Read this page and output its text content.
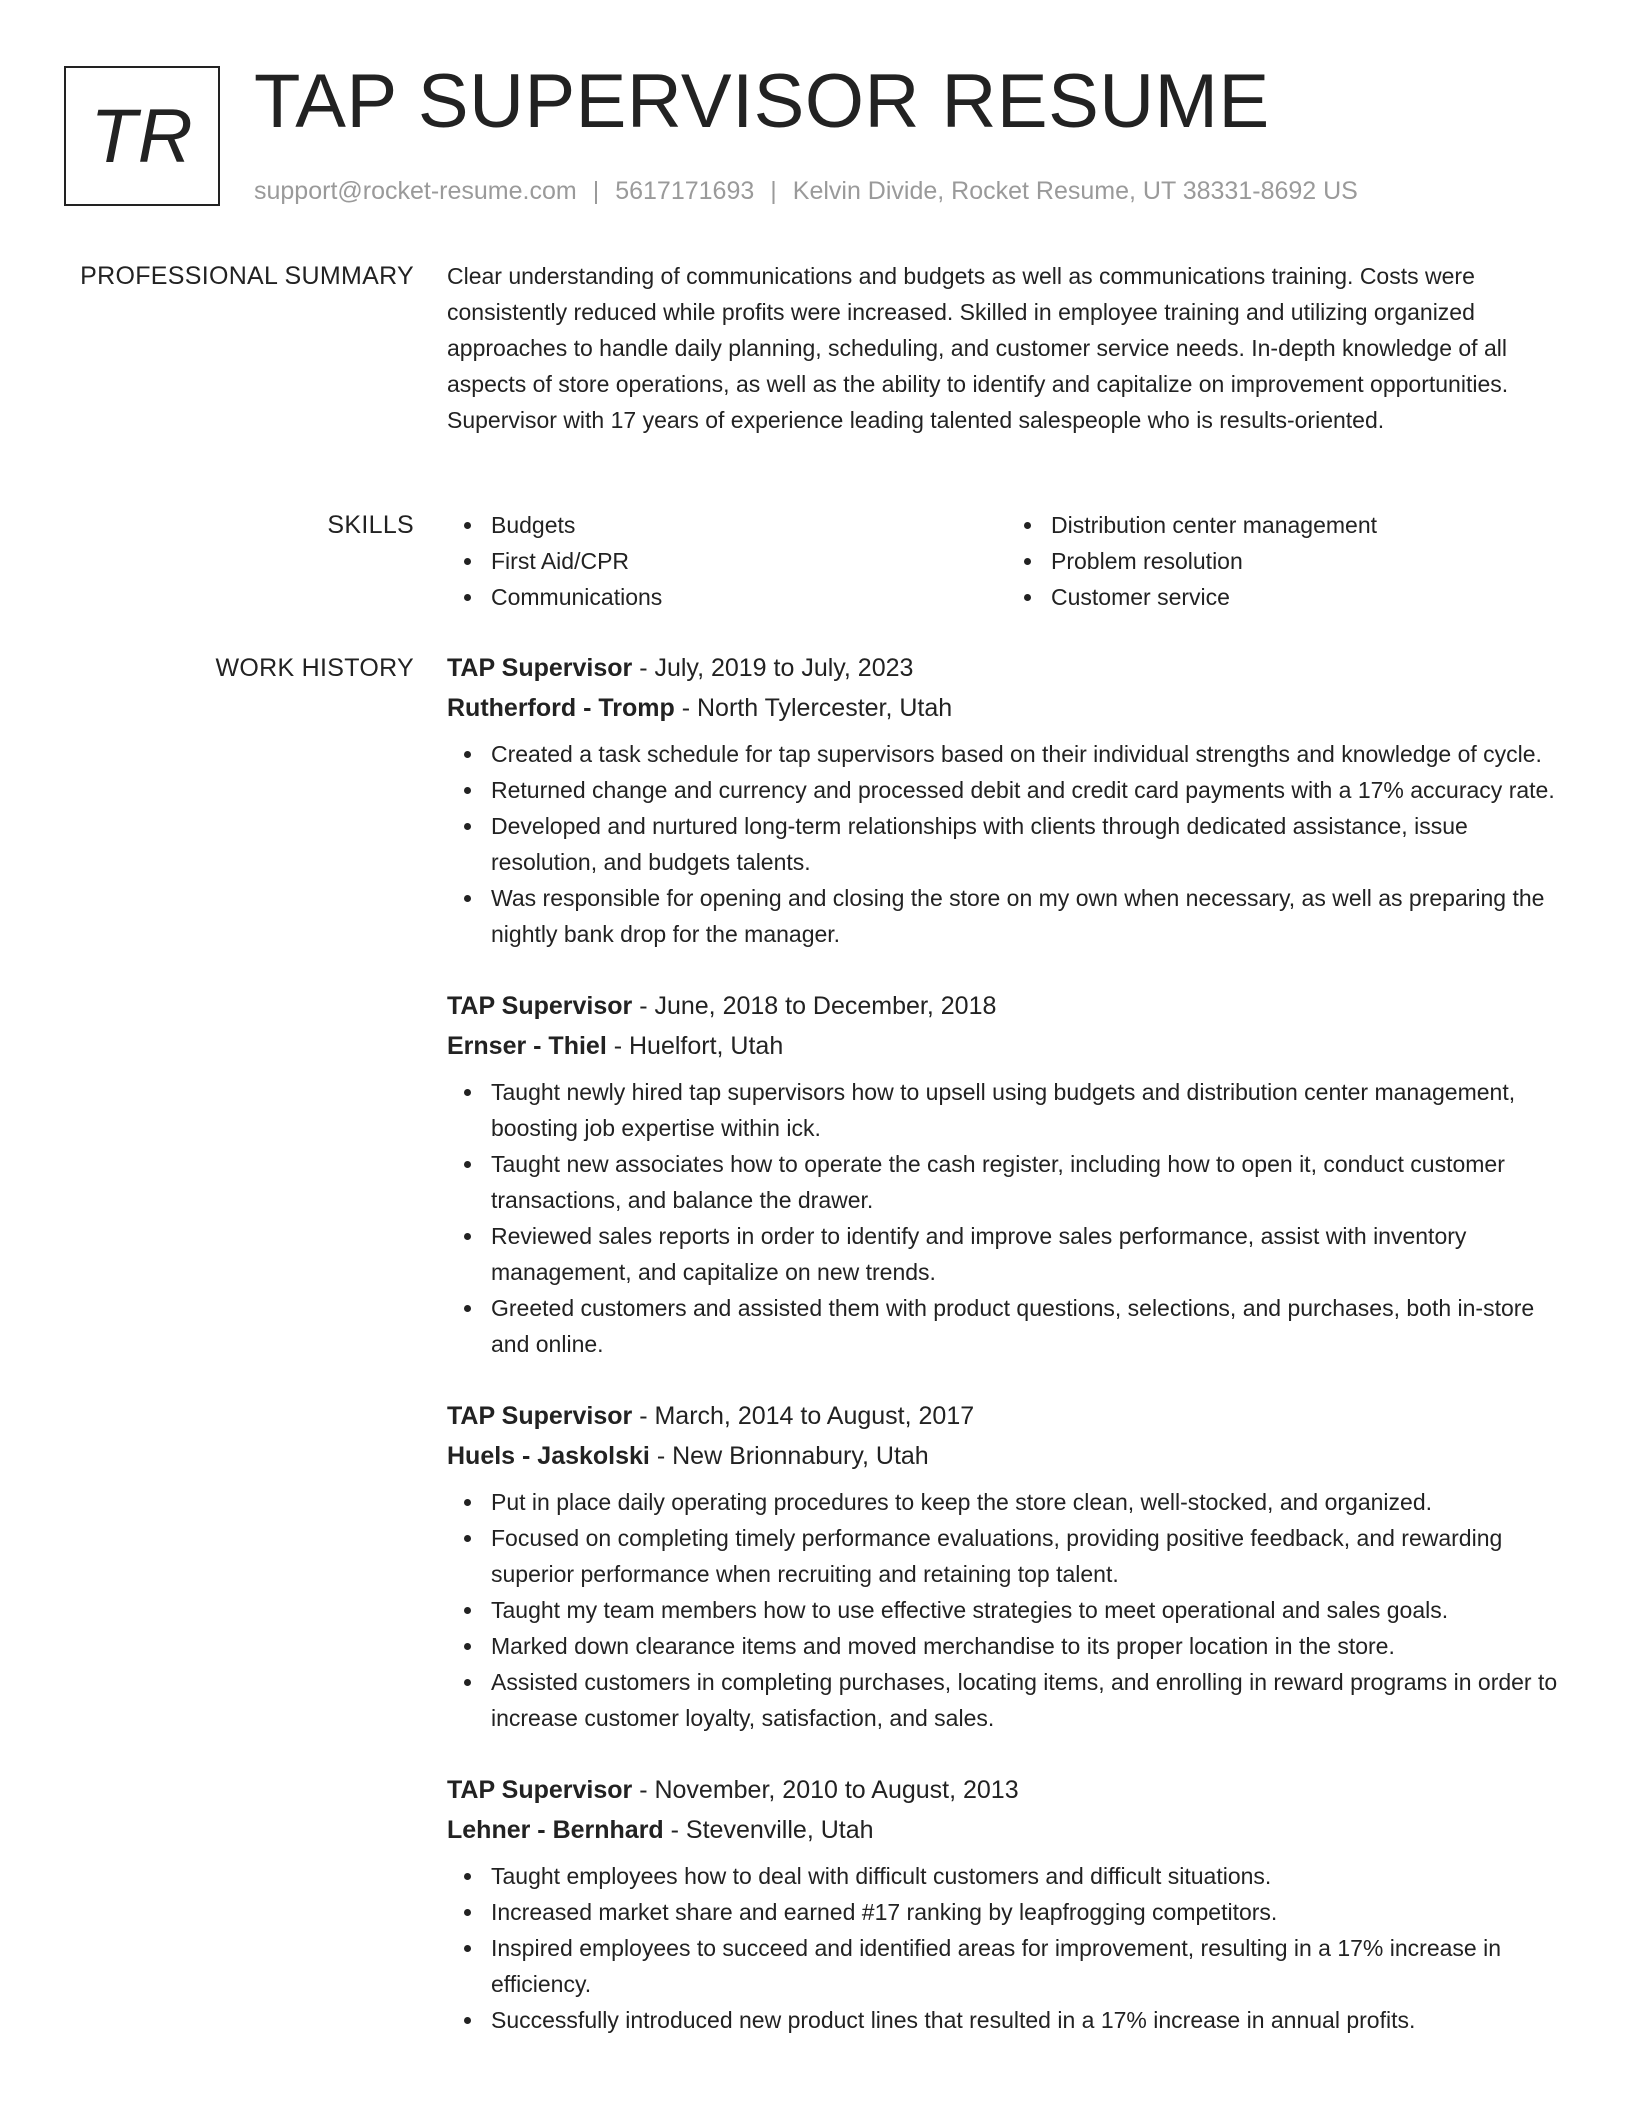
TR TAP SUPERVISOR RESUME
support@rocket-resume.com | 5617171693 | Kelvin Divide, Rocket Resume, UT 38331-8692 US
PROFESSIONAL SUMMARY Clear understanding of communications and budgets as well as communications training. Costs were consistently reduced while profits were increased. Skilled in employee training and utilizing organized approaches to handle daily planning, scheduling, and customer service needs. In-depth knowledge of all aspects of store operations, as well as the ability to identify and capitalize on improvement opportunities. Supervisor with 17 years of experience leading talented salespeople who is results-oriented.

SKILLS	Budgets
First Aid/CPR
Communications
Distribution center management
Problem resolution
Customer service
WORK HISTORY TAP Supervisor - July, 2019 to July, 2023
Rutherford - Tromp - North Tylercester, Utah
Created a task schedule for tap supervisors based on their individual strengths and knowledge of cycle.
Returned change and currency and processed debit and credit card payments with a 17% accuracy rate.
Developed and nurtured long-term relationships with clients through dedicated assistance, issue resolution, and budgets talents.
Was responsible for opening and closing the store on my own when necessary, as well as preparing the nightly bank drop for the manager.
TAP Supervisor - June, 2018 to December, 2018
Ernser - Thiel - Huelfort, Utah
Taught newly hired tap supervisors how to upsell using budgets and distribution center management, boosting job expertise within ick.
Taught new associates how to operate the cash register, including how to open it, conduct customer transactions, and balance the drawer.
Reviewed sales reports in order to identify and improve sales performance, assist with inventory management, and capitalize on new trends.
Greeted customers and assisted them with product questions, selections, and purchases, both in-store and online.
TAP Supervisor - March, 2014 to August, 2017
Huels - Jaskolski - New Brionnabury, Utah
Put in place daily operating procedures to keep the store clean, well-stocked, and organized.
Focused on completing timely performance evaluations, providing positive feedback, and rewarding superior performance when recruiting and retaining top talent.
Taught my team members how to use effective strategies to meet operational and sales goals.
Marked down clearance items and moved merchandise to its proper location in the store.
Assisted customers in completing purchases, locating items, and enrolling in reward programs in order to increase customer loyalty, satisfaction, and sales.
TAP Supervisor - November, 2010 to August, 2013
Lehner - Bernhard - Stevenville, Utah
Taught employees how to deal with difficult customers and difficult situations.
Increased market share and earned #17 ranking by leapfrogging competitors.
Inspired employees to succeed and identified areas for improvement, resulting in a 17% increase in efficiency.
Successfully introduced new product lines that resulted in a 17% increase in annual profits.
